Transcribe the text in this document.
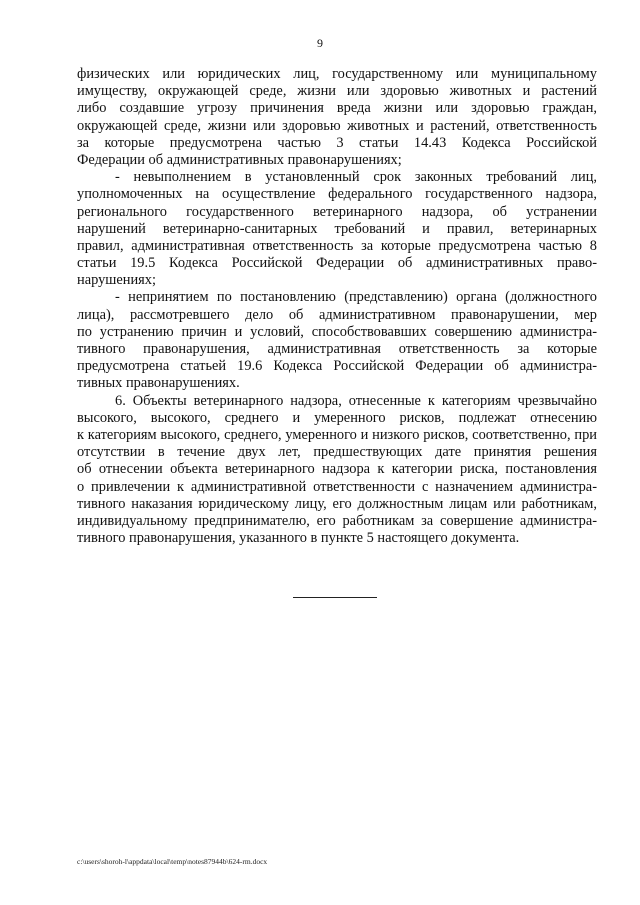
9
физических или юридических лиц, государственному или муниципальному
имуществу, окружающей среде, жизни или здоровью животных и растений
либо создавшие угрозу причинения вреда жизни или здоровью граждан,
окружающей среде, жизни или здоровью животных и растений, ответственность
за которые предусмотрена частью 3 статьи 14.43 Кодекса Российской
Федерации об административных правонарушениях;
- невыполнением в установленный срок законных требований лиц,
уполномоченных на осуществление федерального государственного надзора,
регионального государственного ветеринарного надзора, об устранении
нарушений ветеринарно-санитарных требований и правил, ветеринарных
правил, административная ответственность за которые предусмотрена частью 8
статьи 19.5 Кодекса Российской Федерации об административных право-
нарушениях;
- непринятием по постановлению (представлению) органа (должностного
лица), рассмотревшего дело об административном правонарушении, мер
по устранению причин и условий, способствовавших совершению администра-
тивного правонарушения, административная ответственность за которые
предусмотрена статьей 19.6 Кодекса Российской Федерации об администра-
тивных правонарушениях.
6. Объекты ветеринарного надзора, отнесенные к категориям чрезвычайно
высокого, высокого, среднего и умеренного рисков, подлежат отнесению
к категориям высокого, среднего, умеренного и низкого рисков, соответственно, при
отсутствии в течение двух лет, предшествующих дате принятия решения
об отнесении объекта ветеринарного надзора к категории риска, постановления
о привлечении к административной ответственности с назначением администра-
тивного наказания юридическому лицу, его должностным лицам или работникам,
индивидуальному предпринимателю, его работникам за совершение администра-
тивного правонарушения, указанного в пункте 5 настоящего документа.
c:\users\shoroh-l\appdata\local\temp\notes87944b\624-rm.docx
